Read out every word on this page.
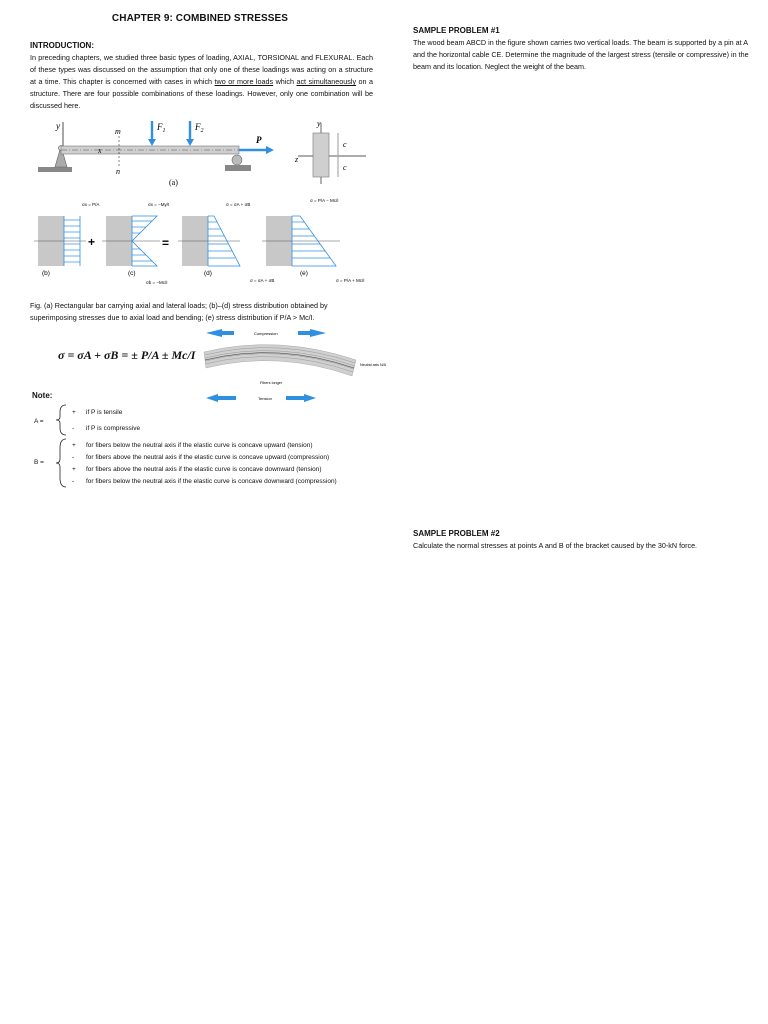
CHAPTER 9: COMBINED STRESSES
INTRODUCTION:
In preceding chapters, we studied three basic types of loading, AXIAL, TORSIONAL and FLEXURAL. Each of these types was discussed on the assumption that only one of these loadings was acting on a structure at a time. This chapter is concerned with cases in which two or more loads which act simultaneously on a structure. There are four possible combinations of these loadings. However, only one combination will be discussed here.
y
x
m
n
$F_1$	$F_2$
P
(a)
y
z
c
c
σx = P/A
(b)
+
σx = −My/I
(c)
σb = −Mc/I
=
σ = σA + σB
(d)
σ = σA + σB
σ = P/A − Mc/I
(e)
σ = P/A + Mc/I
Fig. (a) Rectangular bar carrying axial and lateral loads; (b)–(d) stress distribution obtained by superimposing stresses due to axial load and bending; (e) stress distribution if P/A > Mc/I.
σ = σA + σB = ± P/A ± Mc/I
Compression
Neutral axis N/A
Fibers longer
Tension
Note:
A =
+ if P is tensile
- if P is compressive
B =
+ for fibers below the neutral axis if the elastic curve is concave upward (tension)
- for fibers above the neutral axis if the elastic curve is concave upward (compression)
+ for fibers above the neutral axis if the elastic curve is concave downward (tension)
- for fibers below the neutral axis if the elastic curve is concave downward (compression)
SAMPLE PROBLEM #1
The wood beam ABCD in the figure shown carries two vertical loads. The beam is supported by a pin at A and the horizontal cable CE. Determine the magnitude of the largest stress (tensile or compressive) in the beam and its location. Neglect the weight of the beam.
SAMPLE PROBLEM #2
Calculate the normal stresses at points A and B of the bracket caused by the 30-kN force.
